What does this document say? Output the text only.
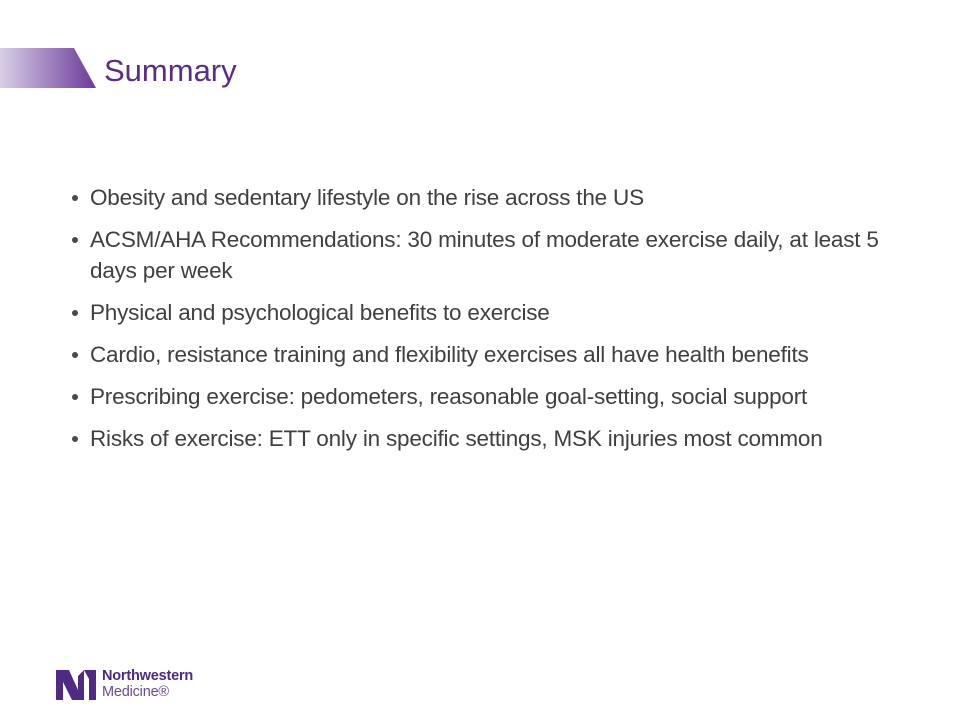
Summary
Obesity and sedentary lifestyle on the rise across the US
ACSM/AHA Recommendations: 30 minutes of moderate exercise daily, at least 5 days per week
Physical and psychological benefits to exercise
Cardio, resistance training and flexibility exercises all have health benefits
Prescribing exercise: pedometers, reasonable goal-setting, social support
Risks of exercise: ETT only in specific settings, MSK injuries most common
Northwestern
Medicine®
